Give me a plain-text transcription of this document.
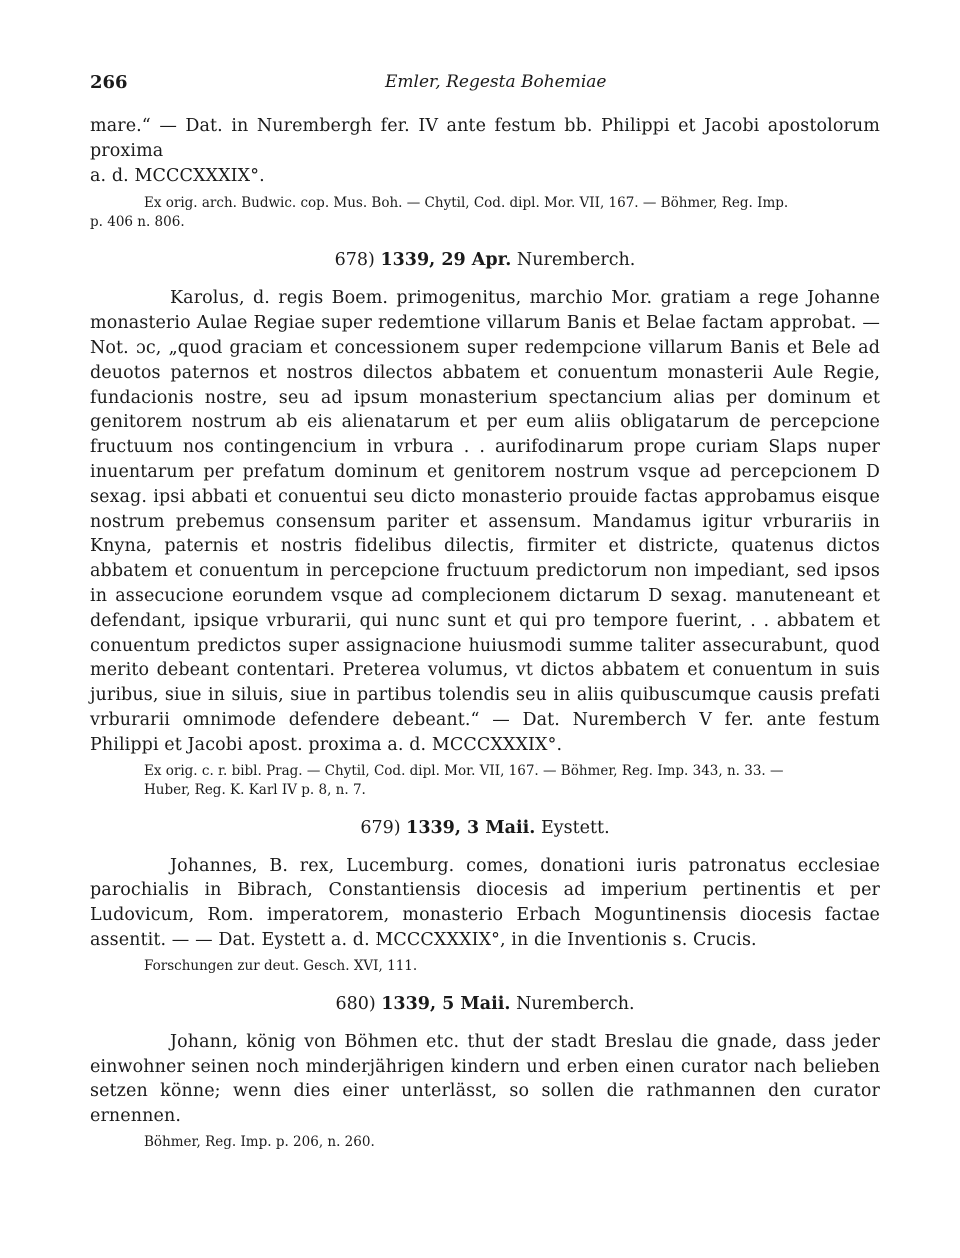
266	Emler, Regesta Bohemiae

mare.“ — Dat. in Nurembergh fer. IV ante festum bb. Philippi et Jacobi apostolorum proxima

a. d. MCCCXXXIX°.

Ex orig. arch. Budwic. cop. Mus. Boh. — Chytil, Cod. dipl. Mor. VII, 167. — Böhmer, Reg. Imp.

p. 406 n. 806.

678) 1339, 29 Apr. Nuremberch.

Karolus, d. regis Boem. primogenitus, marchio Mor. gratiam a rege Johanne monasterio Aulae Regiae super redemtione villarum Banis et Belae factam approbat. — Not. ɔc, „quod graciam et concessionem super redempcione villarum Banis et Bele ad deuotos paternos et nostros dilectos abbatem et conuentum monasterii Aule Regie, fundacionis nostre, seu ad ipsum monasterium spectancium alias per dominum et genitorem nostrum ab eis alienatarum et per eum aliis obligatarum de percepcione fructuum nos contingencium in vrbura . . aurifodinarum prope curiam Slaps nuper inuentarum per prefatum dominum et genitorem nostrum vsque ad percepcionem D sexag. ipsi abbati et conuentui seu dicto monasterio prouide factas approbamus eisque nostrum prebemus consensum pariter et assensum. Mandamus igitur vrburariis in Knyna, paternis et nostris fidelibus dilectis, firmiter et districte, quatenus dictos abbatem et conuentum in percepcione fructuum predictorum non impediant, sed ipsos in assecucione eorundem vsque ad complecionem dictarum D sexag. manuteneant et defendant, ipsique vrburarii, qui nunc sunt et qui pro tempore fuerint, . . abbatem et conuentum predictos super assignacione huiusmodi summe taliter assecurabunt, quod merito debeant contentari. Preterea volumus, vt dictos abbatem et conuentum in suis juribus, siue in siluis, siue in partibus tolendis seu in aliis quibuscumque causis prefati vrburarii omnimode defendere debeant.“ — Dat. Nuremberch V fer. ante festum Philippi et Jacobi apost. proxima a. d. MCCCXXXIX°.

Ex orig. c. r. bibl. Prag. — Chytil, Cod. dipl. Mor. VII, 167. — Böhmer, Reg. Imp. 343, n. 33. —

Huber, Reg. K. Karl IV p. 8, n. 7.

679) 1339, 3 Maii. Eystett.

Johannes, B. rex, Lucemburg. comes, donationi iuris patronatus ecclesiae parochialis in Bibrach, Constantiensis diocesis ad imperium pertinentis et per Ludovicum, Rom. imperatorem, monasterio Erbach Moguntinensis diocesis factae assentit. — — Dat. Eystett a. d. MCCCXXXIX°, in die Inventionis s. Crucis.

Forschungen zur deut. Gesch. XVI, 111.

680) 1339, 5 Maii. Nuremberch.

Johann, könig von Böhmen etc. thut der stadt Breslau die gnade, dass jeder einwohner seinen noch minderjährigen kindern und erben einen curator nach belieben setzen könne; wenn dies einer unterlässt, so sollen die rathmannen den curator ernennen.

Böhmer, Reg. Imp. p. 206, n. 260.
